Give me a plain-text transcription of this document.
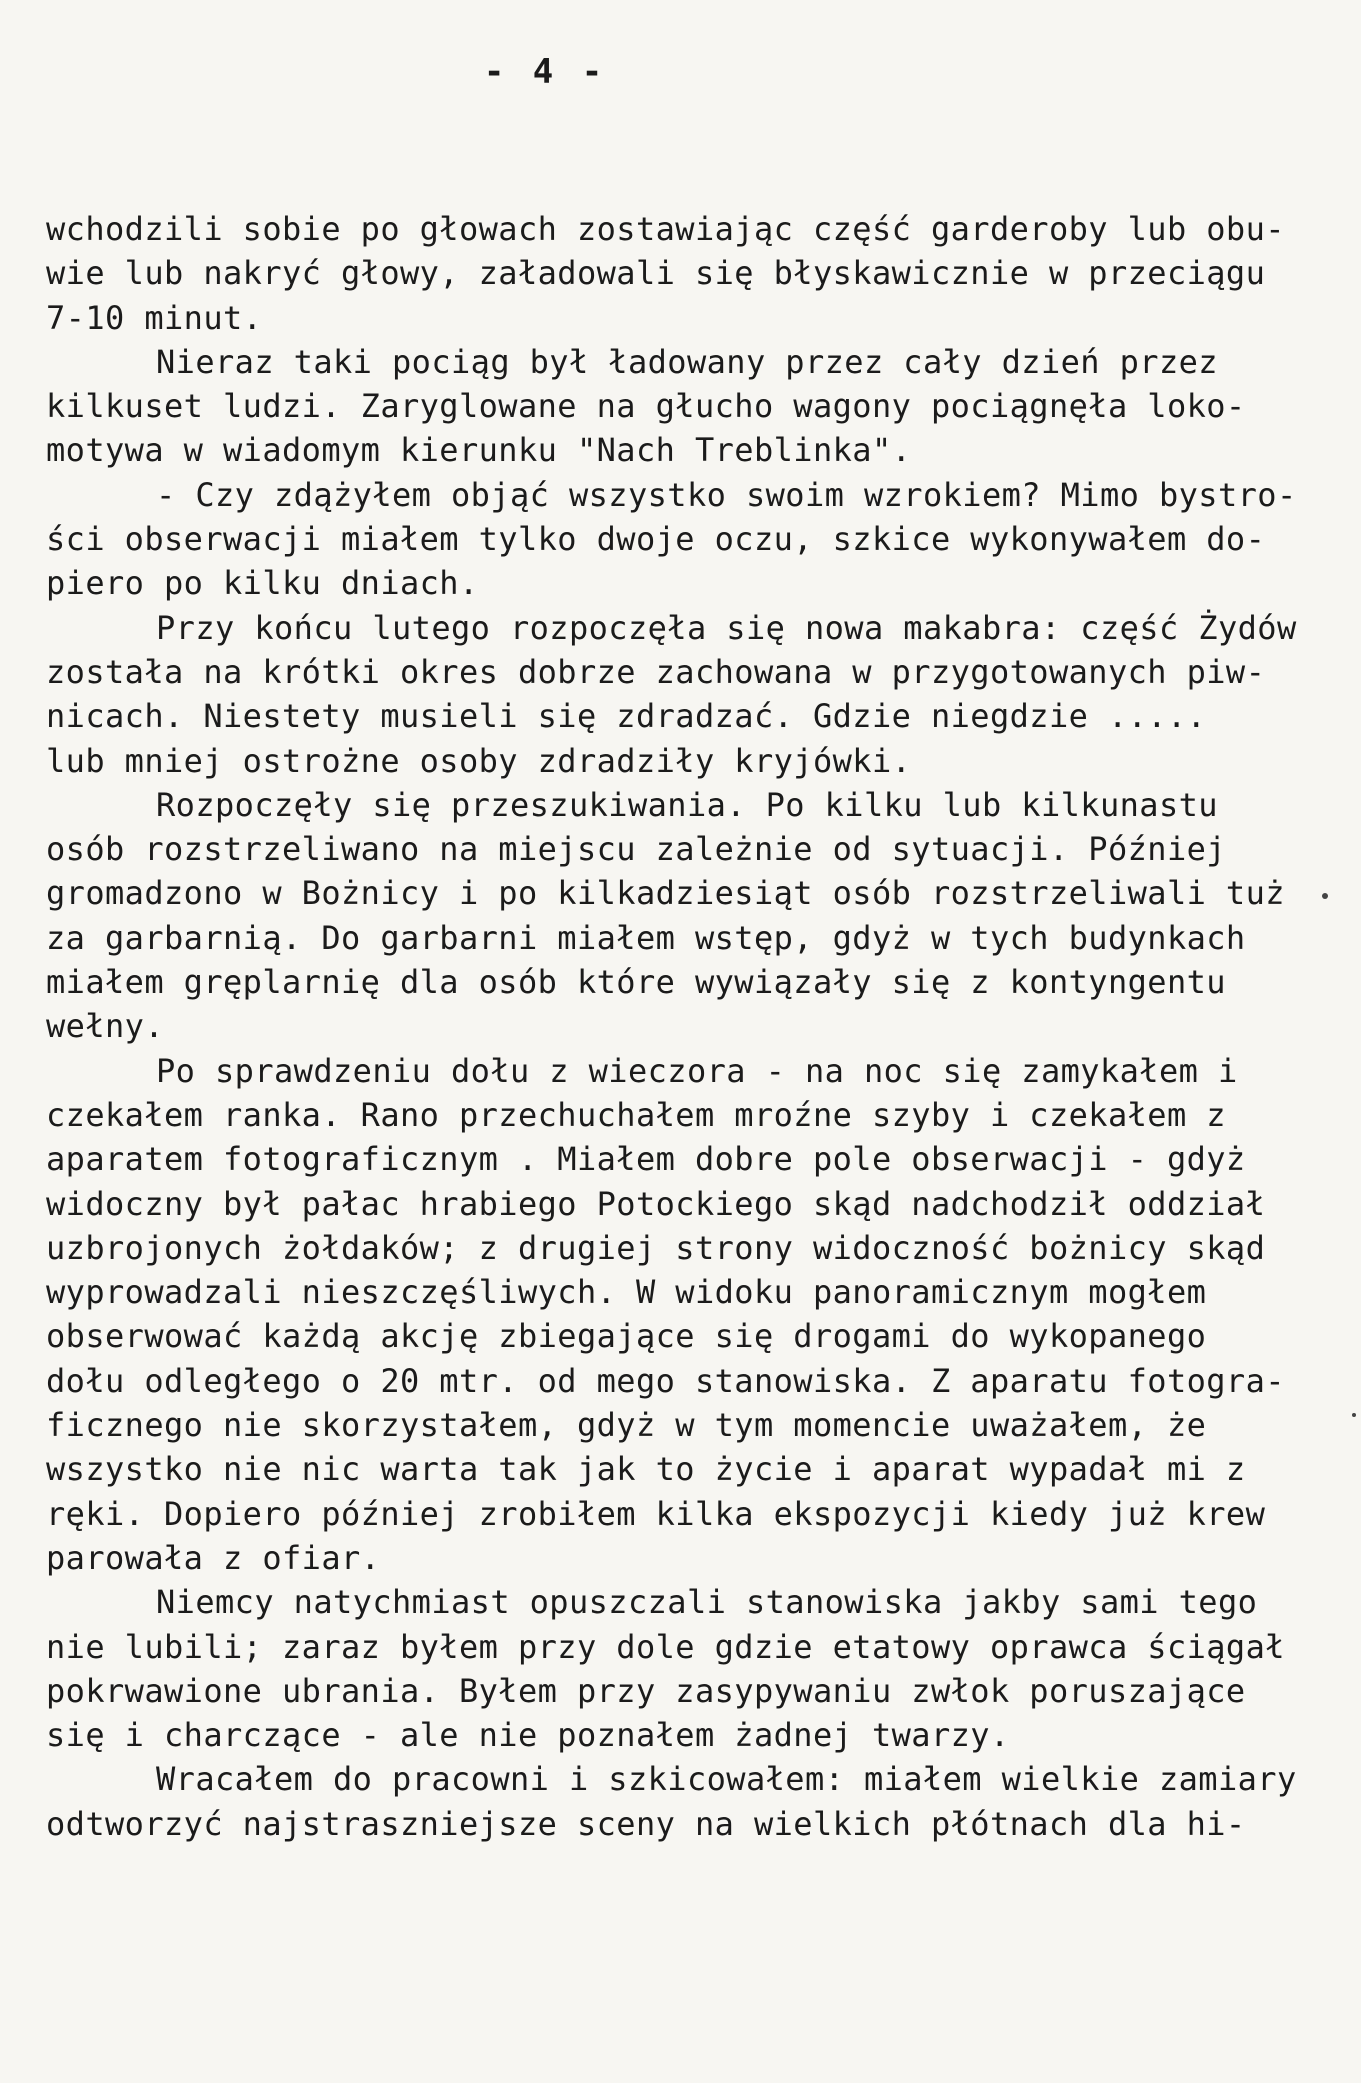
- 4 -
wchodzili sobie po głowach zostawiając część garderoby lub obu-
wie lub nakryć głowy, załadowali się błyskawicznie w przeciągu
7-10 minut.
Nieraz taki pociąg był ładowany przez cały dzień przez
kilkuset ludzi. Zaryglowane na głucho wagony pociągnęła loko-
motywa w wiadomym kierunku "Nach Treblinka".
- Czy zdążyłem objąć wszystko swoim wzrokiem? Mimo bystro-
ści obserwacji miałem tylko dwoje oczu, szkice wykonywałem do-
piero po kilku dniach.
Przy końcu lutego rozpoczęła się nowa makabra: część Żydów
została na krótki okres dobrze zachowana w przygotowanych piw-
nicach. Niestety musieli się zdradzać. Gdzie niegdzie .....
lub mniej ostrożne osoby zdradziły kryjówki.
Rozpoczęły się przeszukiwania. Po kilku lub kilkunastu
osób rozstrzeliwano na miejscu zależnie od sytuacji. Później
gromadzono w Bożnicy i po kilkadziesiąt osób rozstrzeliwali tuż
za garbarnią. Do garbarni miałem wstęp, gdyż w tych budynkach
miałem gręplarnię dla osób które wywiązały się z kontyngentu
wełny.
Po sprawdzeniu dołu z wieczora - na noc się zamykałem i
czekałem ranka. Rano przechuchałem mroźne szyby i czekałem z
aparatem fotograficznym . Miałem dobre pole obserwacji - gdyż
widoczny był pałac hrabiego Potockiego skąd nadchodził oddział
uzbrojonych żołdaków; z drugiej strony widoczność bożnicy skąd
wyprowadzali nieszczęśliwych. W widoku panoramicznym mogłem
obserwować każdą akcję zbiegające się drogami do wykopanego
dołu odległego o 20 mtr. od mego stanowiska. Z aparatu fotogra-
ficznego nie skorzystałem, gdyż w tym momencie uważałem, że
wszystko nie nic warta tak jak to życie i aparat wypadał mi z
ręki. Dopiero później zrobiłem kilka ekspozycji kiedy już krew
parowała z ofiar.
Niemcy natychmiast opuszczali stanowiska jakby sami tego
nie lubili; zaraz byłem przy dole gdzie etatowy oprawca ściągał
pokrwawione ubrania. Byłem przy zasypywaniu zwłok poruszające
się i charczące - ale nie poznałem żadnej twarzy.
Wracałem do pracowni i szkicowałem: miałem wielkie zamiary
odtworzyć najstraszniejsze sceny na wielkich płótnach dla hi-
